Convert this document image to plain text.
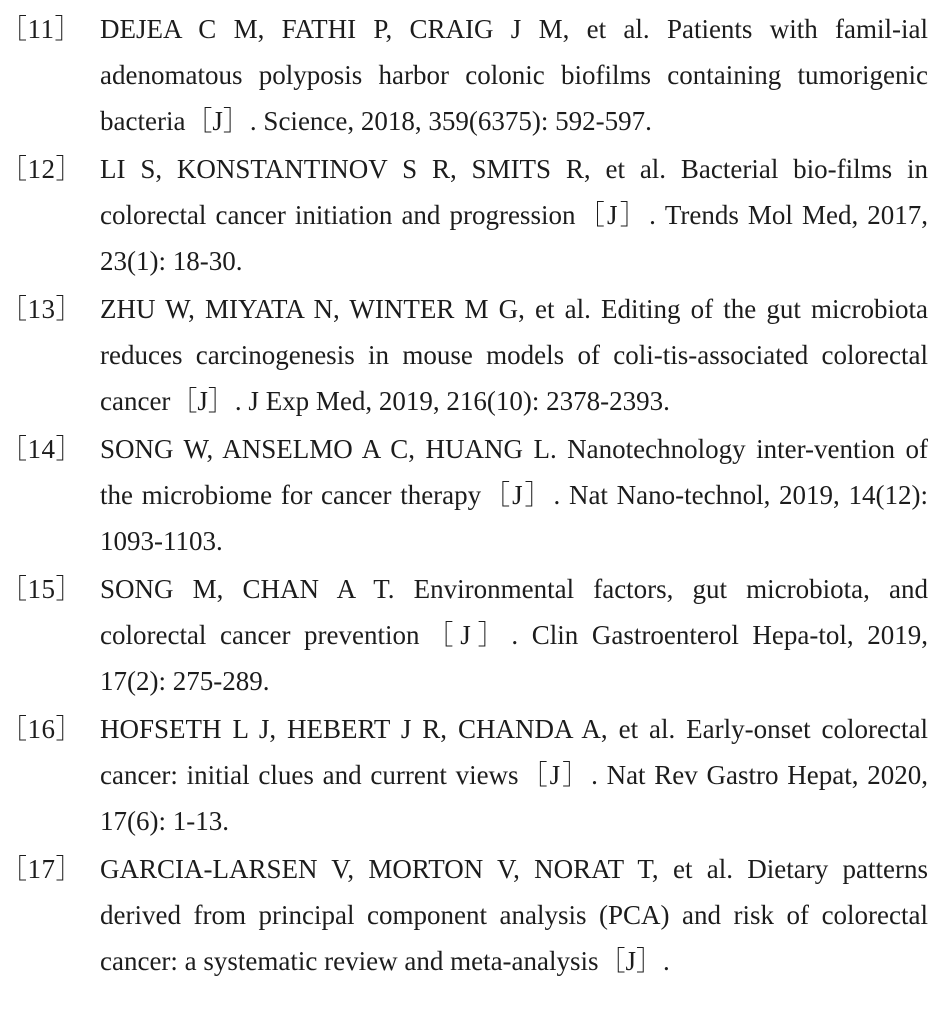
［11］ DEJEA C M, FATHI P, CRAIG J M, et al. Patients with famil-ial adenomatous polyposis harbor colonic biofilms containing tumorigenic bacteria［J］. Science, 2018, 359(6375): 592-597.
［12］ LI S, KONSTANTINOV S R, SMITS R, et al. Bacterial bio-films in colorectal cancer initiation and progression［J］. Trends Mol Med, 2017, 23(1): 18-30.
［13］ ZHU W, MIYATA N, WINTER M G, et al. Editing of the gut microbiota reduces carcinogenesis in mouse models of coli-tis-associated colorectal cancer［J］. J Exp Med, 2019, 216(10): 2378-2393.
［14］ SONG W, ANSELMO A C, HUANG L. Nanotechnology inter-vention of the microbiome for cancer therapy［J］. Nat Nano-technol, 2019, 14(12): 1093-1103.
［15］ SONG M, CHAN A T. Environmental factors, gut microbiota, and colorectal cancer prevention［J］. Clin Gastroenterol Hepa-tol, 2019, 17(2): 275-289.
［16］ HOFSETH L J, HEBERT J R, CHANDA A, et al. Early-onset colorectal cancer: initial clues and current views［J］. Nat Rev Gastro Hepat, 2020, 17(6): 1-13.
［17］ GARCIA-LARSEN V, MORTON V, NORAT T, et al. Dietary patterns derived from principal component analysis (PCA) and risk of colorectal cancer: a systematic review and meta-analysis［J］.
